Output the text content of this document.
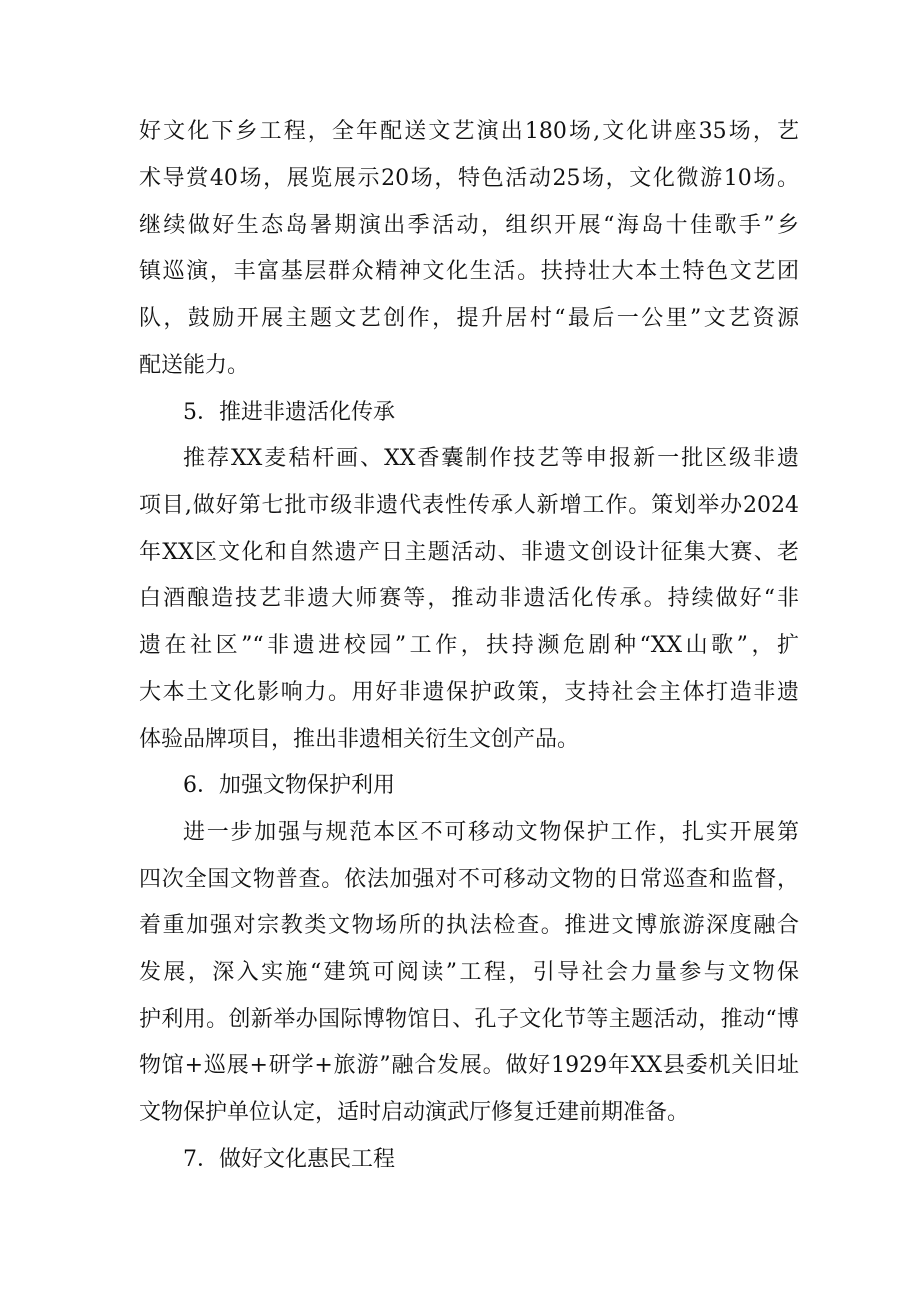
好文化下乡工程，全年配送文艺演出180场,文化讲座35场，艺
术导赏40场，展览展示20场，特色活动25场，文化微游10场。
继续做好生态岛暑期演出季活动，组织开展“海岛十佳歌手”乡
镇巡演，丰富基层群众精神文化生活。扶持壮大本土特色文艺团
队，鼓励开展主题文艺创作，提升居村“最后一公里”文艺资源
配送能力。
5．推进非遗活化传承
推荐XX麦秸杆画、XX香囊制作技艺等申报新一批区级非遗
项目,做好第七批市级非遗代表性传承人新增工作。策划举办2024
年XX区文化和自然遗产日主题活动、非遗文创设计征集大赛、老
白酒酿造技艺非遗大师赛等，推动非遗活化传承。持续做好“非
遗在社区”“非遗进校园”工作，扶持濒危剧种“XX山歌”，扩
大本土文化影响力。用好非遗保护政策，支持社会主体打造非遗
体验品牌项目，推出非遗相关衍生文创产品。
6．加强文物保护利用
进一步加强与规范本区不可移动文物保护工作，扎实开展第
四次全国文物普查。依法加强对不可移动文物的日常巡查和监督，
着重加强对宗教类文物场所的执法检查。推进文博旅游深度融合
发展，深入实施“建筑可阅读”工程，引导社会力量参与文物保
护利用。创新举办国际博物馆日、孔子文化节等主题活动，推动“博
物馆+巡展+研学+旅游”融合发展。做好1929年XX县委机关旧址
文物保护单位认定，适时启动演武厅修复迁建前期准备。
7．做好文化惠民工程
